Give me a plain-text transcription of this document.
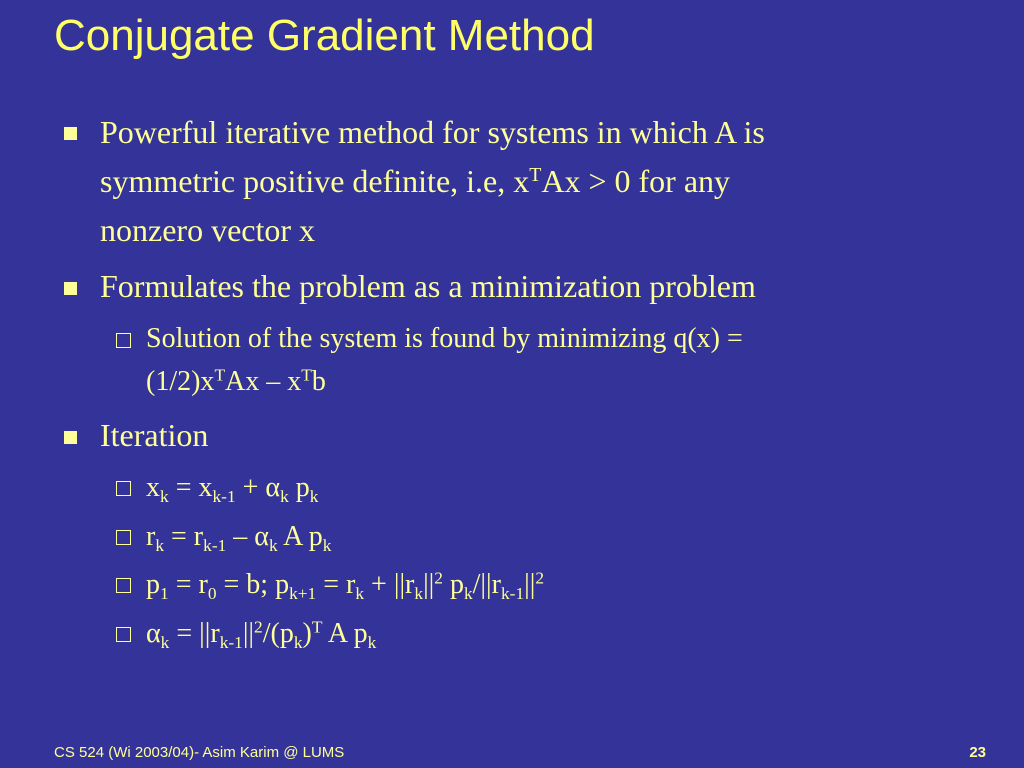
Conjugate Gradient Method
Powerful iterative method for systems in which A is
symmetric positive definite, i.e, $x^TAx > 0$ for any
nonzero vector x
Formulates the problem as a minimization problem
Solution of the system is found by minimizing q(x) =
$(1/2)x^TAx - x^Tb$
Iteration
$x_k = x_{k-1} + \alpha_k$ $p_k$
$r_k = r_{k-1} - \alpha_k$ A $p_k$
$p_1 = r_0 = b$; $p_{k+1} = r_k + ||r_k||^2$ $p_k/||r_{k-1}||^2$
$\alpha_k = ||r_{k-1}||^2/(p_k)^T$ A $p_k$
CS 524 (Wi 2003/04)- Asim Karim @ LUMS	23
